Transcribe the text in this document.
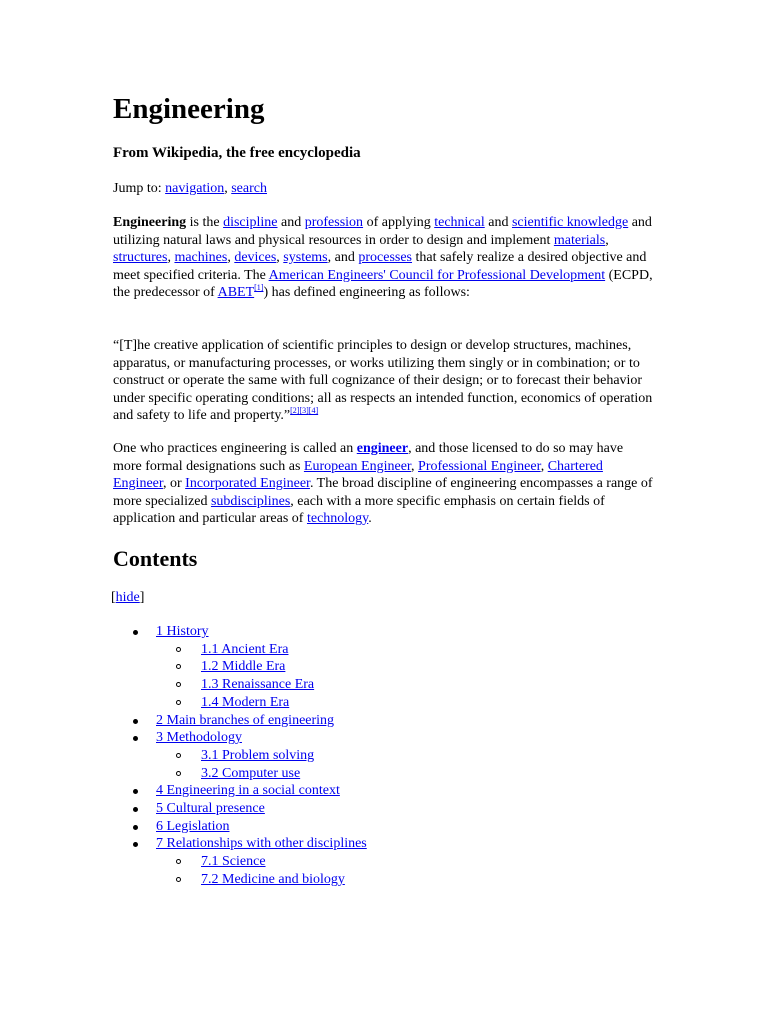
Engineering

From Wikipedia, the free encyclopedia

Jump to: navigation, search

Engineering is the discipline and profession of applying technical and scientific knowledge and utilizing natural laws and physical resources in order to design and implement materials, structures, machines, devices, systems, and processes that safely realize a desired objective and meet specified criteria. The American Engineers' Council for Professional Development (ECPD, the predecessor of ABET[1]) has defined engineering as follows:

“[T]he creative application of scientific principles to design or develop structures, machines, apparatus, or manufacturing processes, or works utilizing them singly or in combination; or to construct or operate the same with full cognizance of their design; or to forecast their behavior under specific operating conditions; all as respects an intended function, economics of operation and safety to life and property.”[2][3][4]

One who practices engineering is called an engineer, and those licensed to do so may have more formal designations such as European Engineer, Professional Engineer, Chartered Engineer, or Incorporated Engineer. The broad discipline of engineering encompasses a range of more specialized subdisciplines, each with a more specific emphasis on certain fields of application and particular areas of technology.

Contents

[hide]

1 History
1.1 Ancient Era
1.2 Middle Era
1.3 Renaissance Era
1.4 Modern Era
2 Main branches of engineering
3 Methodology
3.1 Problem solving
3.2 Computer use
4 Engineering in a social context
5 Cultural presence
6 Legislation
7 Relationships with other disciplines
7.1 Science
7.2 Medicine and biology
